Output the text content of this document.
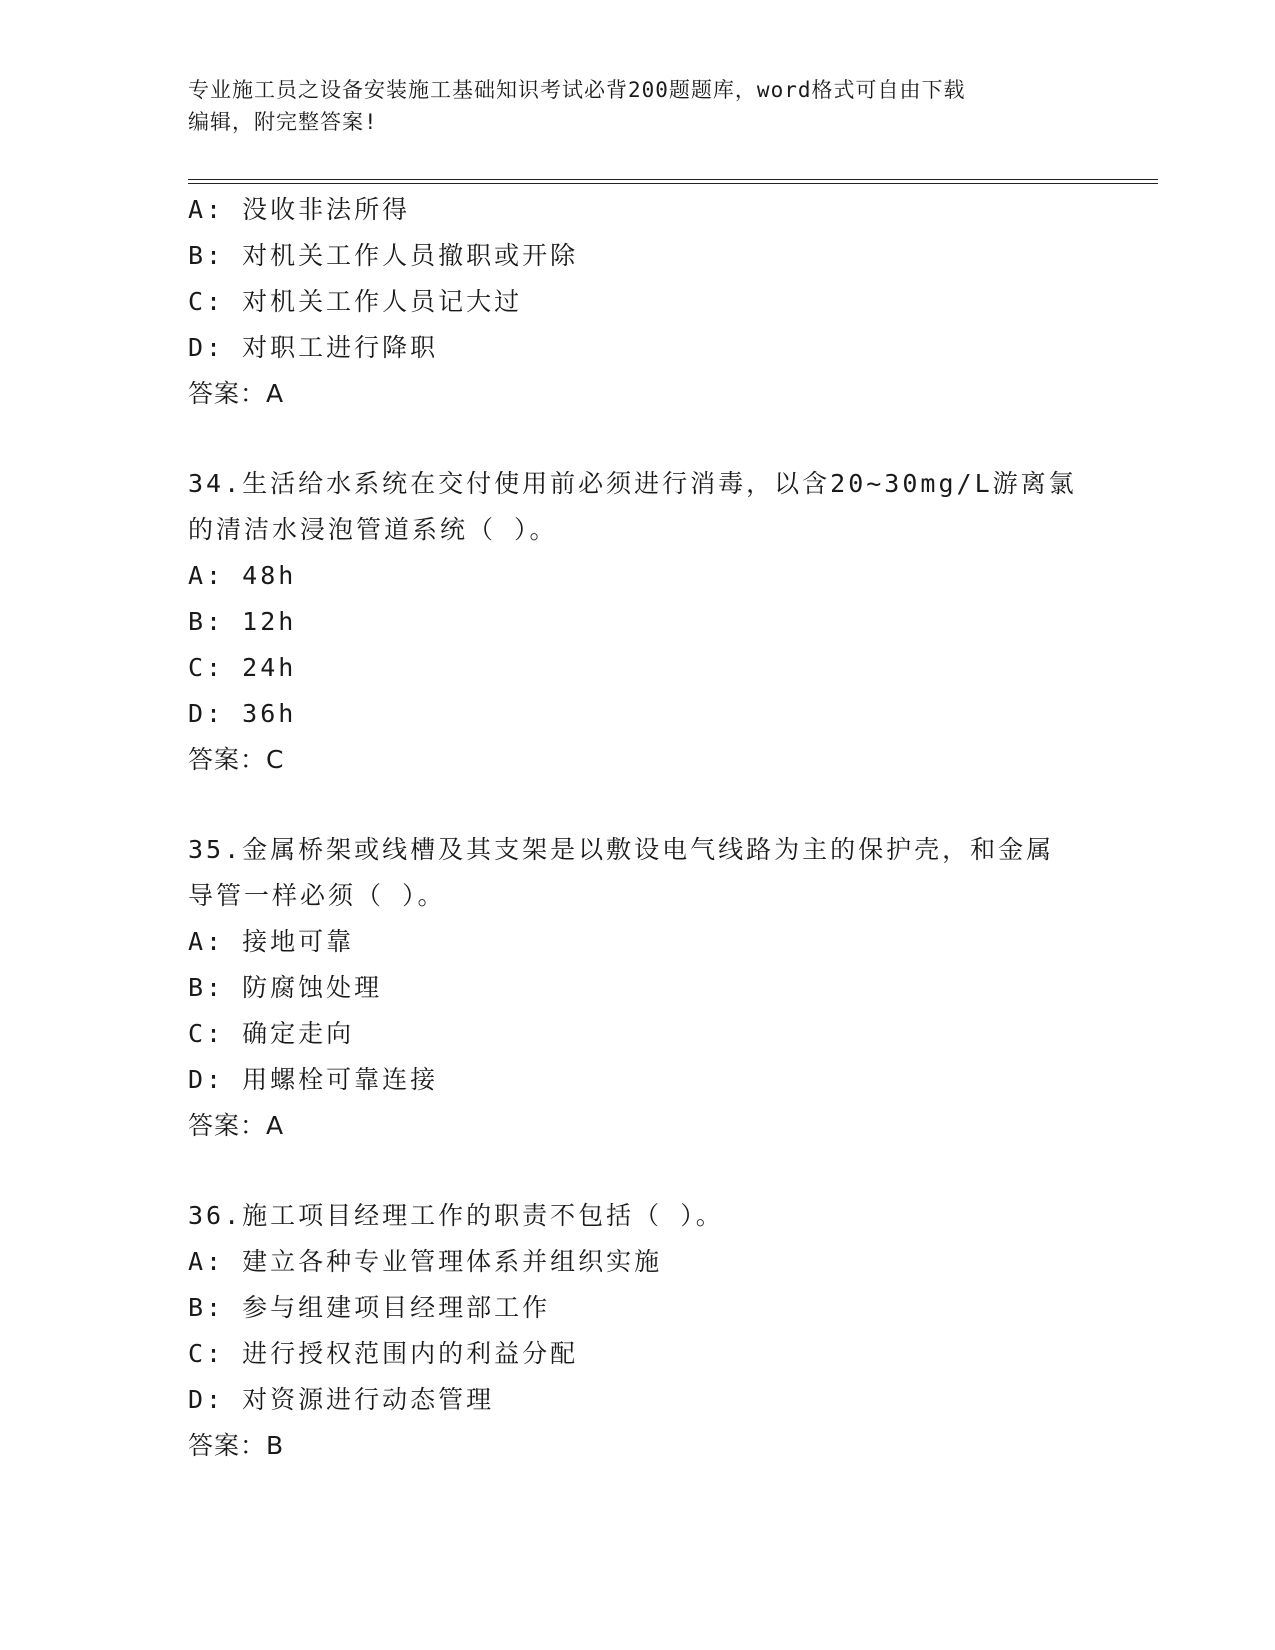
专业施工员之设备安装施工基础知识考试必背200题题库，word格式可自由下载
编辑，附完整答案!
A: 没收非法所得
B: 对机关工作人员撤职或开除
C: 对机关工作人员记大过
D: 对职工进行降职
答案：A
34.生活给水系统在交付使用前必须进行消毒，以含20~30mg/L游离氯
的清洁水浸泡管道系统（ ）。
A: 48h
B: 12h
C: 24h
D: 36h
答案：C
35.金属桥架或线槽及其支架是以敷设电气线路为主的保护壳，和金属
导管一样必须（ ）。
A: 接地可靠
B: 防腐蚀处理
C: 确定走向
D: 用螺栓可靠连接
答案：A
36.施工项目经理工作的职责不包括（ ）。
A: 建立各种专业管理体系并组织实施
B: 参与组建项目经理部工作
C: 进行授权范围内的利益分配
D: 对资源进行动态管理
答案：B
